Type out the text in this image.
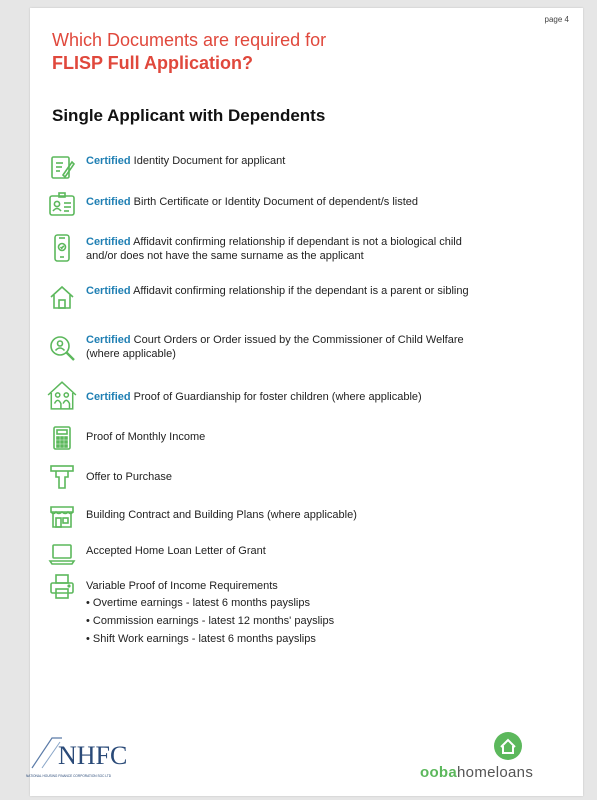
page 4
Which Documents are required for
FLISP Full Application?
Single Applicant with Dependents
Certified Identity Document for applicant
Certified Birth Certificate or Identity Document of dependent/s listed
Certified Affidavit confirming relationship if dependant is not a biological child and/or does not have the same surname as the applicant
Certified Affidavit confirming relationship if the dependant is a parent or sibling
Certified Court Orders or Order issued by the Commissioner of Child Welfare (where applicable)
Certified Proof of Guardianship for foster children (where applicable)
Proof of Monthly Income
Offer to Purchase
Building Contract and Building Plans (where applicable)
Accepted Home Loan Letter of Grant
Variable Proof of Income Requirements
• Overtime earnings - latest 6 months payslips
• Commission earnings - latest 12 months' payslips
• Shift Work earnings - latest 6 months payslips
NHFC
NATIONAL HOUSING FINANCE CORPORATION SOC LTD	oobahomeloans
